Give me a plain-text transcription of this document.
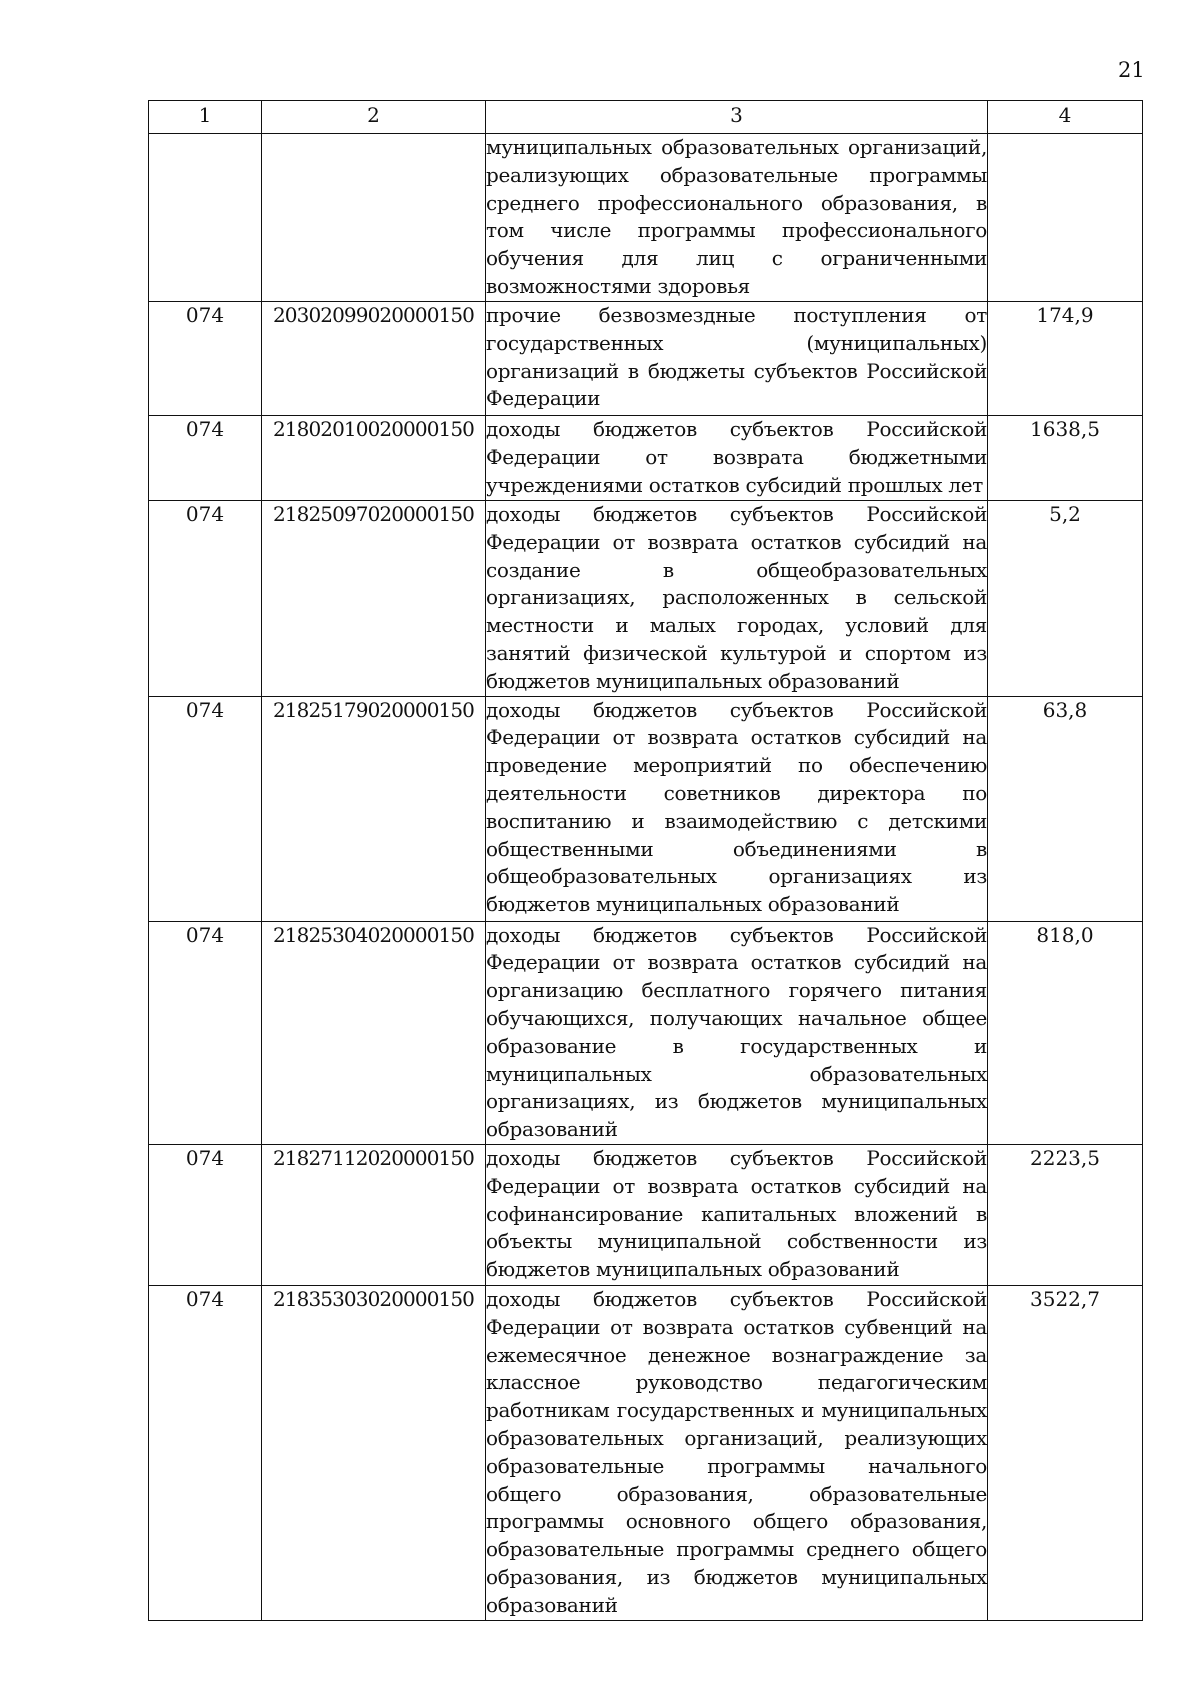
21
1	2	3	4
		муниципальных образовательных организаций, реализующих образовательные программы среднего профессионального образования, в том числе программы профессионального обучения для лиц с ограниченными возможностями здоровья	
074	20302099020000150	прочие безвозмездные поступления от государственных (муниципальных) организаций в бюджеты субъектов Российской Федерации	174,9
074	21802010020000150	доходы бюджетов субъектов Российской Федерации от возврата бюджетными учреждениями остатков субсидий прошлых лет	1638,5
074	21825097020000150	доходы бюджетов субъектов Российской Федерации от возврата остатков субсидий на создание в общеобразовательных организациях, расположенных в сельской местности и малых городах, условий для занятий физической культурой и спортом из бюджетов муниципальных образований	5,2
074	21825179020000150	доходы бюджетов субъектов Российской Федерации от возврата остатков субсидий на проведение мероприятий по обеспечению деятельности советников директора по воспитанию и взаимодействию с детскими общественными объединениями в общеобразовательных организациях из бюджетов муниципальных образований	63,8
074	21825304020000150	доходы бюджетов субъектов Российской Федерации от возврата остатков субсидий на организацию бесплатного горячего питания обучающихся, получающих начальное общее образование в государственных и муниципальных образовательных организациях, из бюджетов муниципальных образований	818,0
074	21827112020000150	доходы бюджетов субъектов Российской Федерации от возврата остатков субсидий на софинансирование капитальных вложений в объекты муниципальной собственности из бюджетов муниципальных образований	2223,5
074	21835303020000150	доходы бюджетов субъектов Российской Федерации от возврата остатков субвенций на ежемесячное денежное вознаграждение за классное руководство педагогическим работникам государственных и муниципальных образовательных организаций, реализующих образовательные программы начального общего образования, образовательные программы основного общего образования, образовательные программы среднего общего образования, из бюджетов муниципальных образований	3522,7
